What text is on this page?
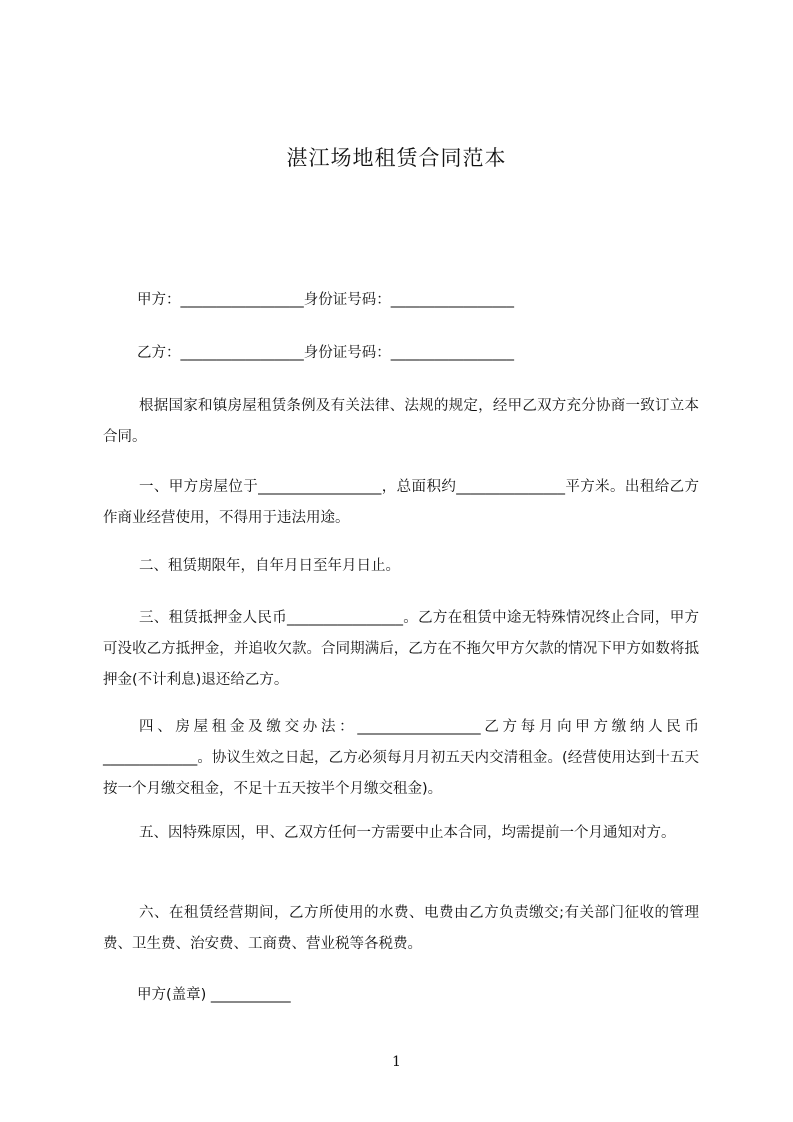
湛江场地租赁合同范本
甲方：_________________身份证号码：_________________
乙方：_________________身份证号码：_________________
根据国家和镇房屋租赁条例及有关法律、法规的规定，经甲乙双方充分协商一致订立本合同。
一、甲方房屋位于_________________，总面积约_______________平方米。出租给乙方作商业经营使用，不得用于违法用途。
二、租赁期限年，自年月日至年月日止。
三、租赁抵押金人民币________________。乙方在租赁中途无特殊情况终止合同，甲方可没收乙方抵押金，并追收欠款。合同期满后，乙方在不拖欠甲方欠款的情况下甲方如数将抵押金(不计利息)退还给乙方。
四、房屋租金及缴交办法：_________________乙方每月向甲方缴纳人民币_____________。协议生效之日起，乙方必须每月月初五天内交清租金。(经营使用达到十五天按一个月缴交租金，不足十五天按半个月缴交租金)。
五、因特殊原因，甲、乙双方任何一方需要中止本合同，均需提前一个月通知对方。
六、在租赁经营期间，乙方所使用的水费、电费由乙方负责缴交;有关部门征收的管理费、卫生费、治安费、工商费、营业税等各税费。
甲方(盖章) ___________
1
